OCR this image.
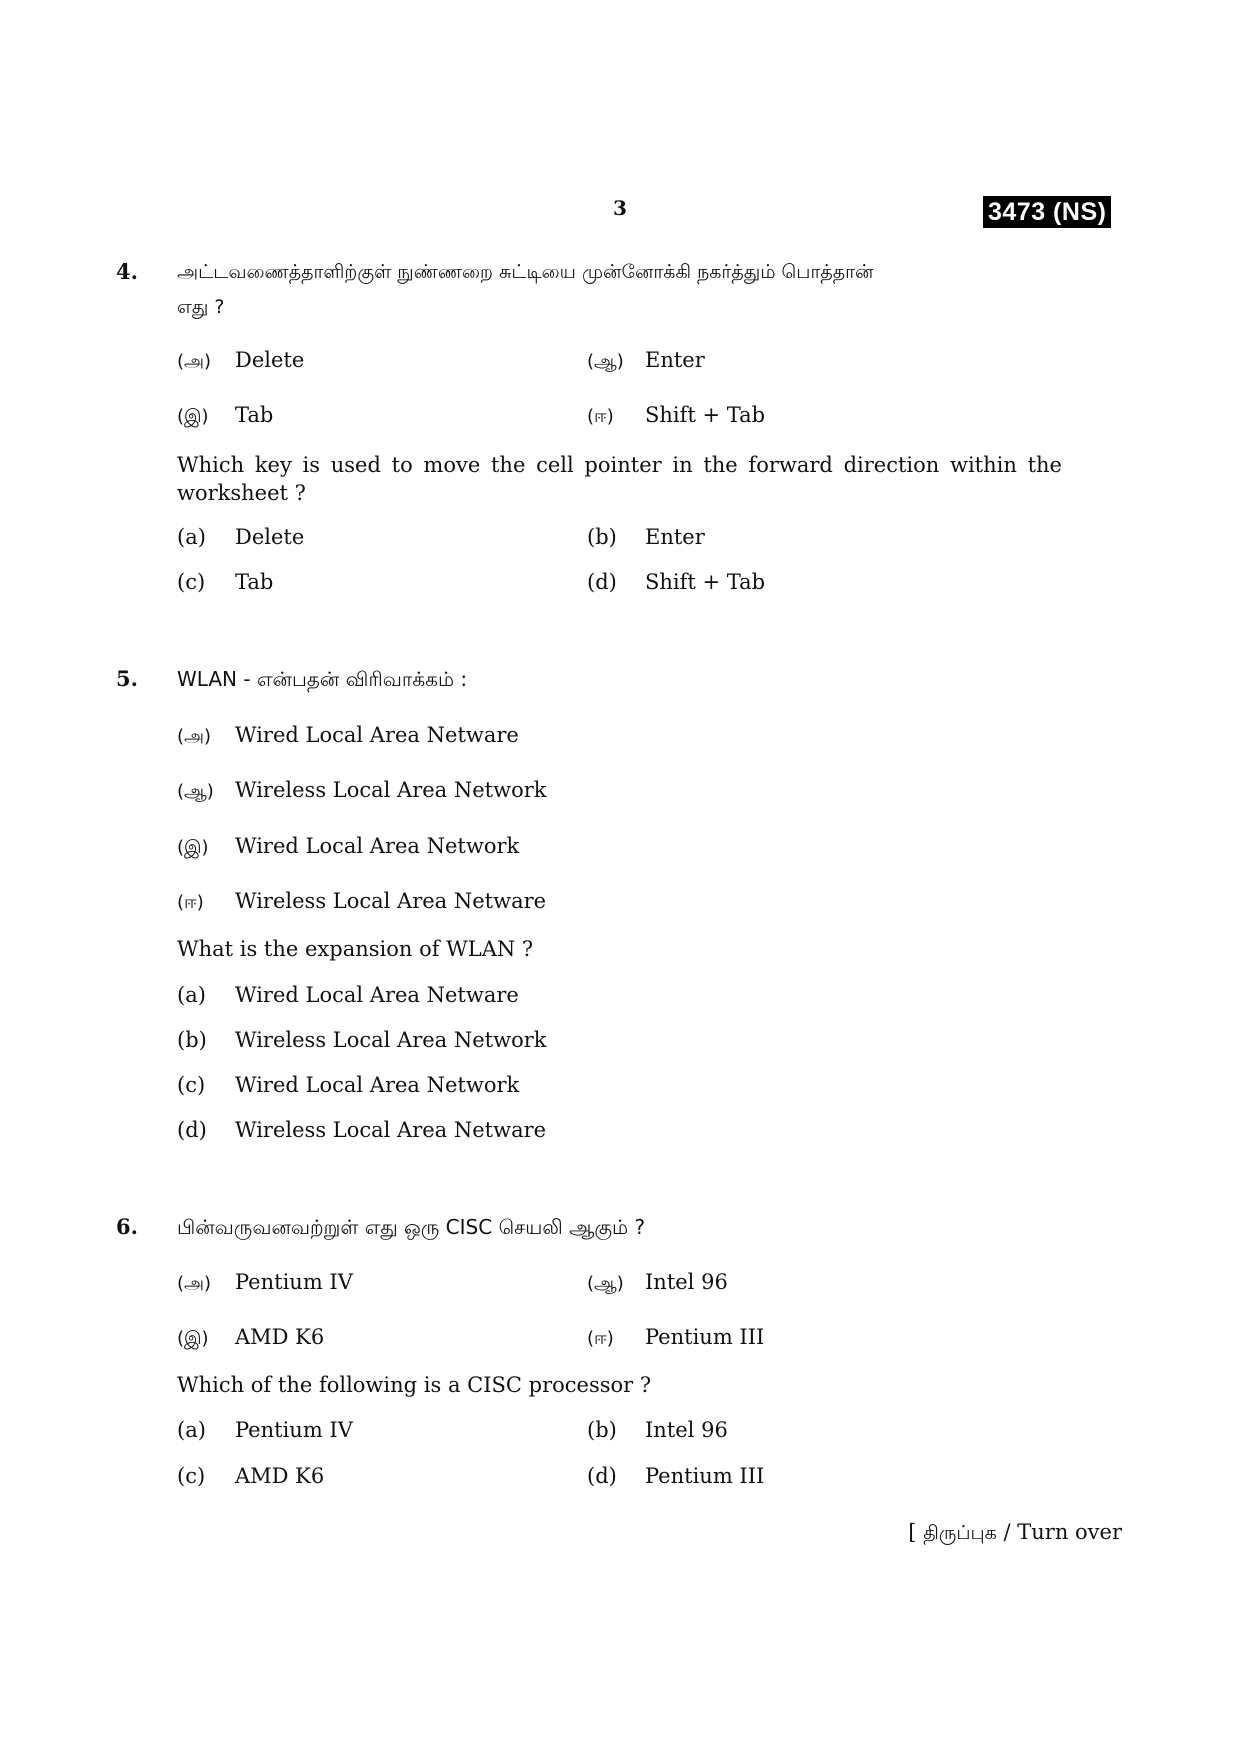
3	3473 (NS)
4. அட்டவணைத்தாளிற்குள் நுண்ணறை சுட்டியை முன்னோக்கி நகர்த்தும் பொத்தான்
எது ?
(அ) Delete	(ஆ) Enter
(இ) Tab	(ஈ) Shift + Tab
Which key is used to move the cell pointer in the forward direction within the worksheet ?
(a) Delete	(b) Enter
(c) Tab	(d) Shift + Tab
5. WLAN - என்பதன் விரிவாக்கம் :
(அ) Wired Local Area Netware
(ஆ) Wireless Local Area Network
(இ) Wired Local Area Network
(ஈ) Wireless Local Area Netware
What is the expansion of WLAN ?
(a) Wired Local Area Netware
(b) Wireless Local Area Network
(c) Wired Local Area Network
(d) Wireless Local Area Netware
6. பின்வருவனவற்றுள் எது ஒரு CISC செயலி ஆகும் ?
(அ) Pentium IV	(ஆ) Intel 96
(இ) AMD K6	(ஈ) Pentium III
Which of the following is a CISC processor ?
(a) Pentium IV	(b) Intel 96
(c) AMD K6	(d) Pentium III
[ திருப்புக / Turn over
